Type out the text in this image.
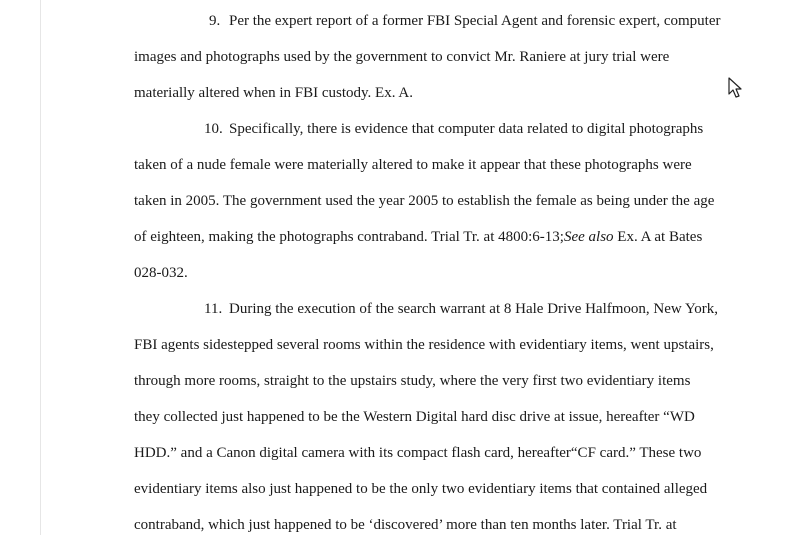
9. Per the expert report of a former FBI Special Agent and forensic expert, computer
images and photographs used by the government to convict Mr. Raniere at jury trial were
materially altered when in FBI custody. Ex. A.
10. Specifically, there is evidence that computer data related to digital photographs
taken of a nude female were materially altered to make it appear that these photographs were
taken in 2005. The government used the year 2005 to establish the female as being under the age
of eighteen, making the photographs contraband. Trial Tr. at 4800:6-13;See also Ex. A at Bates
028-032.
11. During the execution of the search warrant at 8 Hale Drive Halfmoon, New York,
FBI agents sidestepped several rooms within the residence with evidentiary items, went upstairs,
through more rooms, straight to the upstairs study, where the very first two evidentiary items
they collected just happened to be the Western Digital hard disc drive at issue, hereafter “WD
HDD.” and a Canon digital camera with its compact flash card, hereafter“CF card.” These two
evidentiary items also just happened to be the only two evidentiary items that contained alleged
contraband, which just happened to be ‘discovered’ more than ten months later. Trial Tr. at
